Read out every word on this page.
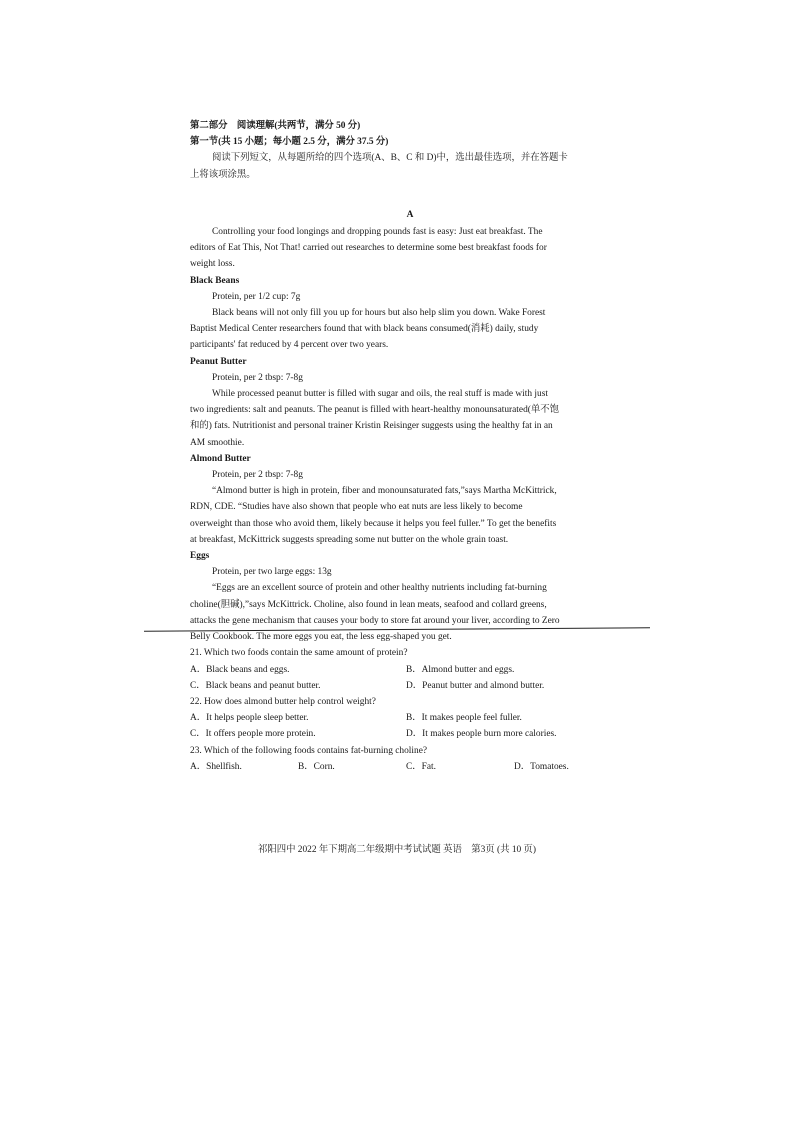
第二部分　阅读理解(共两节，满分 50 分)
第一节(共 15 小题；每小题 2.5 分，满分 37.5 分)
阅读下列短文，从每题所给的四个选项(A、B、C 和 D)中，选出最佳选项，并在答题卡
上将该项涂黑。
A
Controlling your food longings and dropping pounds fast is easy: Just eat breakfast. The
editors of Eat This, Not That! carried out researches to determine some best breakfast foods for
weight loss.
Black Beans
Protein, per 1/2 cup: 7g
Black beans will not only fill you up for hours but also help slim you down. Wake Forest
Baptist Medical Center researchers found that with black beans consumed(消耗) daily, study
participants' fat reduced by 4 percent over two years.
Peanut Butter
Protein, per 2 tbsp: 7-8g
While processed peanut butter is filled with sugar and oils, the real stuff is made with just
two ingredients: salt and peanuts. The peanut is filled with heart-healthy monounsaturated(单不饱
和的) fats. Nutritionist and personal trainer Kristin Reisinger suggests using the healthy fat in an
AM smoothie.
Almond Butter
Protein, per 2 tbsp: 7-8g
“Almond butter is high in protein, fiber and monounsaturated fats,”says Martha McKittrick,
RDN, CDE. “Studies have also shown that people who eat nuts are less likely to become
overweight than those who avoid them, likely because it helps you feel fuller.” To get the benefits
at breakfast, McKittrick suggests spreading some nut butter on the whole grain toast.
Eggs
Protein, per two large eggs: 13g
“Eggs are an excellent source of protein and other healthy nutrients including fat-burning
choline(胆碱),”says McKittrick. Choline, also found in lean meats, seafood and collard greens,
attacks the gene mechanism that causes your body to store fat around your liver, according to Zero
Belly Cookbook. The more eggs you eat, the less egg-shaped you get.
21. Which two foods contain the same amount of protein?
A．Black beans and eggs.	B．Almond butter and eggs.
C．Black beans and peanut butter.	D．Peanut butter and almond butter.
22. How does almond butter help control weight?
A．It helps people sleep better.	B．It makes people feel fuller.
C．It offers people more protein.	D．It makes people burn more calories.
23. Which of the following foods contains fat-burning choline?
A．Shellfish.	B．Corn.	C．Fat.	D．Tomatoes.
祁阳四中 2022 年下期高二年级期中考试试题 英语　第3页 (共 10 页)
